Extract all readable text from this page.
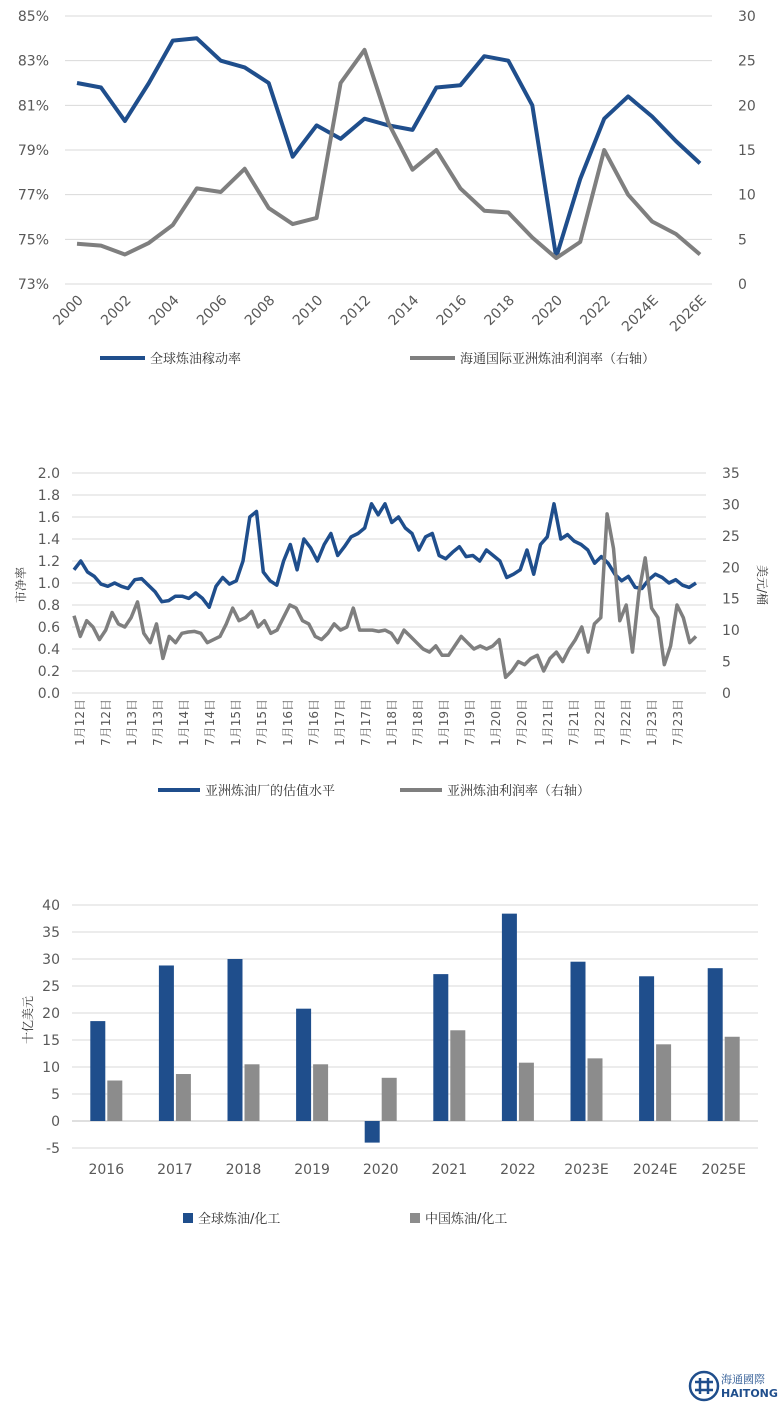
73%
75%
77%
79%
81%
83%
85%
0
5
10
15
20
25
30
2000 2002 2004 2006 2008 2010 2012 2014 2016 2018 2020 2022 2024E 2026E
全球炼油稼动率	海通国际亚洲炼油利润率（右轴）
0.0
0.2
0.4
0.6
0.8
1.0
1.2
1.4
1.6
1.8
2.0
0
5
10
15
20
25
30
35
1月12日 7月12日 1月13日 7月13日 1月14日 7月14日 1月15日 7月15日 1月16日 7月16日 1月17日 7月17日 1月18日 7月18日 1月19日 7月19日 1月20日 7月20日 1月21日 7月21日 1月22日 7月22日 1月23日 7月23日
市净率	美元/桶
亚洲炼油厂的估值水平	亚洲炼油利润率（右轴）
-5
0
5
10
15
20
25
30
35
40
2016 2017 2018 2019 2020 2021 2022 2023E 2024E 2025E
十亿美元
全球炼油/化工	中国炼油/化工
海通國際
HAITONG
